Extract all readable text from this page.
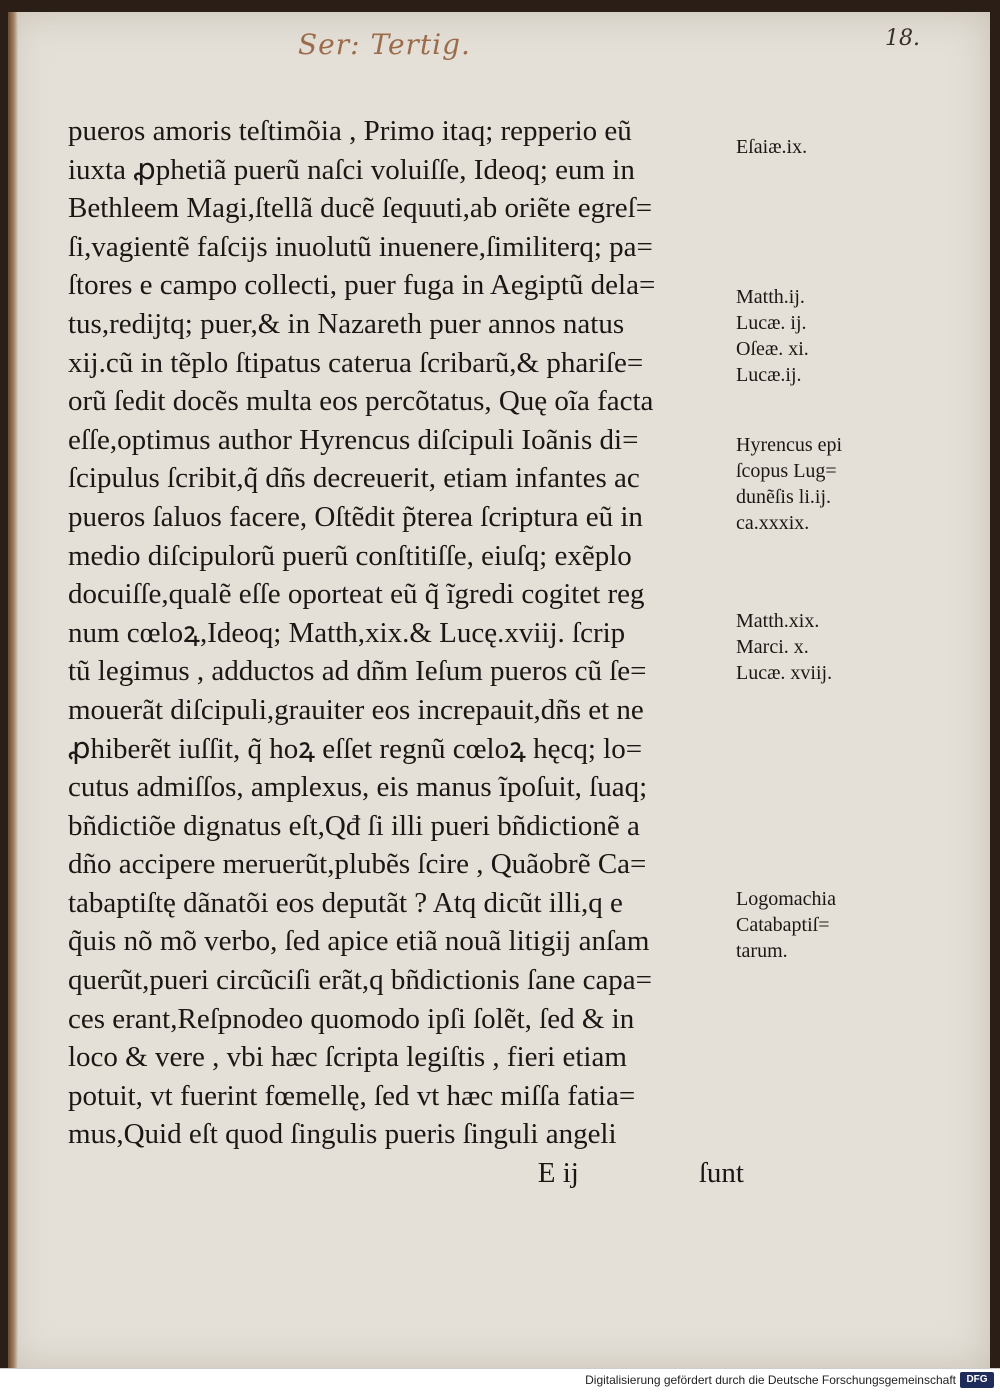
Ser: Tertig.	18.
pueros amoris teſtimõia , Primo itaq; repperio eũ
iuxta ꝓphetiã puerũ naſci voluiſſe, Ideoq; eum in
Bethleem Magi,ſtellã ducẽ ſequuti,ab oriẽte egreſ=
ſi,vagientẽ faſcijs inuolutũ inuenere,ſimiliterq; pa=
ſtores e campo collecti, puer fuga in Aegiptũ dela=
tus,redijtq; puer,& in Nazareth puer annos natus
xij.cũ in tẽplo ſtipatus caterua ſcribarũ,& phariſe=
orũ ſedit docẽs multa eos percõtatus, Quę oĩa facta
eſſe,optimus author Hyrencus diſcipuli Ioãnis di=
ſcipulus ſcribit,q̃ dñs decreuerit, etiam infantes ac
pueros ſaluos facere, Oſtẽdit p̃terea ſcriptura eũ in
medio diſcipulorũ puerũ conſtitiſſe, eiuſq; exẽplo
docuiſſe,qualẽ eſſe oporteat eũ q̃ ĩgredi cogitet reg
num cœloꝝ,Ideoq; Matth,xix.& Lucę.xviij. ſcrip
tũ legimus , adductos ad dñm Ieſum pueros cũ ſe=
mouerãt diſcipuli,grauiter eos increpauit,dñs et ne
ꝓhiberẽt iuſſit, q̃ hoꝝ eſſet regnũ cœloꝝ hęcq; lo=
cutus admiſſos, amplexus, eis manus ĩpoſuit, ſuaq;
bñdictiõe dignatus eſt,Qđ ſi illi pueri bñdictionẽ a
dño accipere meruerũt,plubẽs ſcire , Quãobrẽ Ca=
tabaptiſtę dãnatõi eos deputãt ? Atq dicũt illi,q e
q̃uis nõ mõ verbo, ſed apice etiã nouã litigij anſam
querũt,pueri circũciſi erãt,q bñdictionis ſane capa=
ces erant,Reſpnodeo quomodo ipſi ſolẽt, ſed & in
loco & vere , vbi hæc ſcripta legiſtis , fieri etiam
potuit, vt fuerint fœmellę, ſed vt hæc miſſa fatia=
mus,Quid eſt quod ſingulis pueris ſinguli angeli
E ij	ſunt
Eſaiæ.ix.
Matth.ij.
Lucæ. ij.
Oſeæ. xi.
Lucæ.ij.
Hyrencus epi
ſcopus Lug=
dunẽſis li.ij.
ca.xxxix.
Matth.xix.
Marci. x.
Lucæ. xviij.
Logomachia
Catabaptiſ=
tarum.
Digitalisierung gefördert durch die Deutsche Forschungsgemeinschaft	DFG
